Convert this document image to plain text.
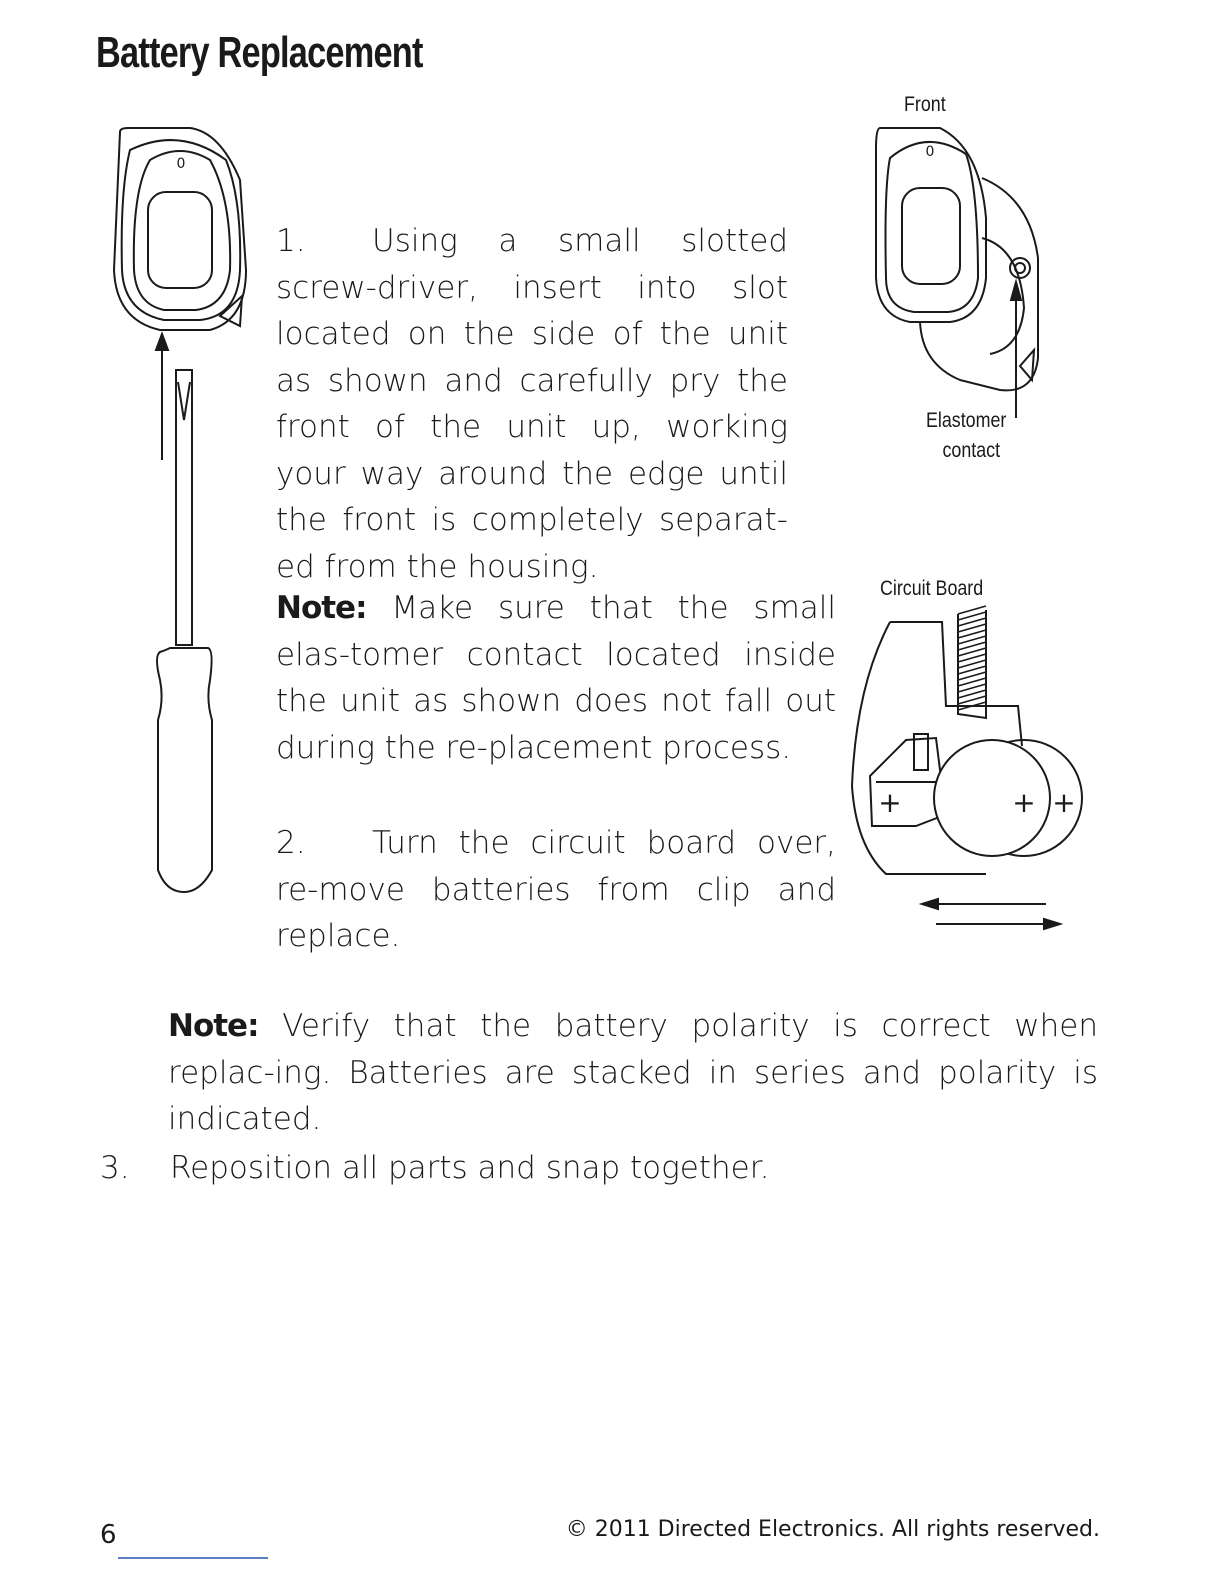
Battery Replacement
0
1. Using a small slotted screw-driver, insert into slot located on the side of the unit as shown and carefully pry the front of the unit up, working your way around the edge until the front is completely separat-ed from the housing.
Front
0
Elastomer
contact
Note: Make sure that the small elas-tomer contact located inside the unit as shown does not fall out during the re-placement process.
Circuit Board
+	+ +
2. Turn the circuit board over, re-move batteries from clip and replace.
Note: Verify that the battery polarity is correct when replac-ing. Batteries are stacked in series and polarity is indicated.
3. Reposition all parts and snap together.
6	© 2011 Directed Electronics. All rights reserved.
